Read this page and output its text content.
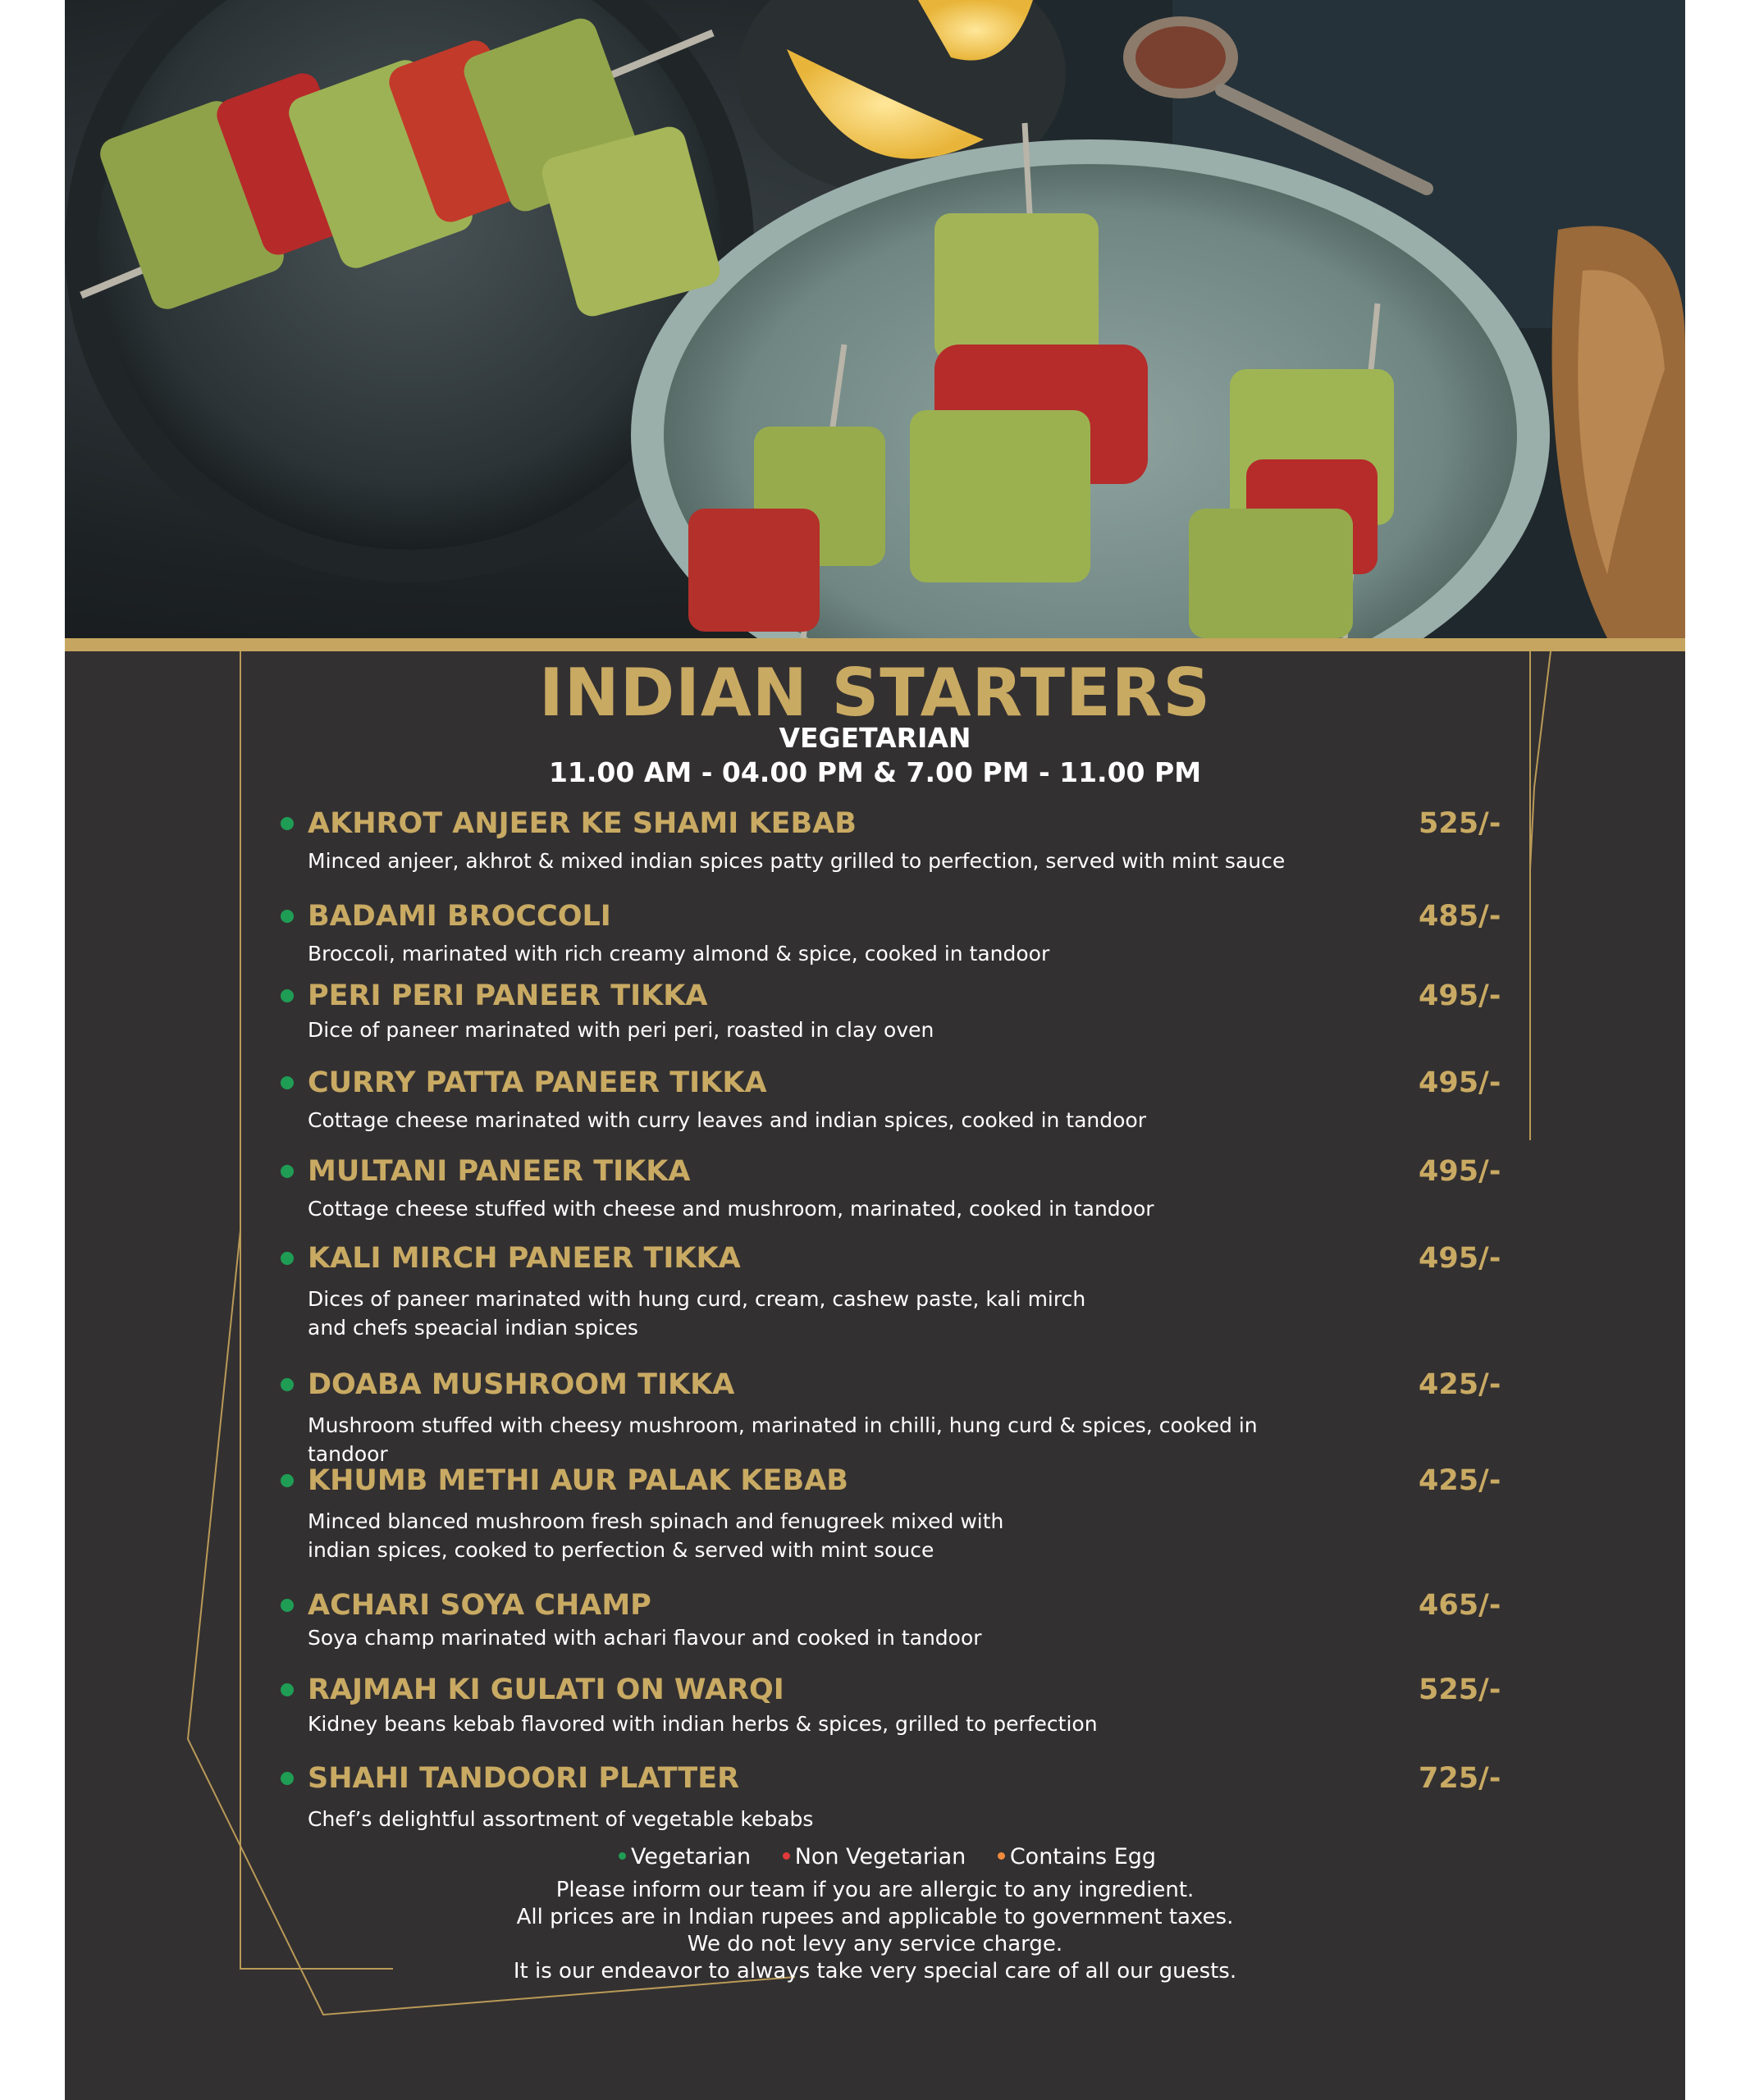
INDIAN STARTERS
VEGETARIAN
11.00 AM - 04.00 PM & 7.00 PM - 11.00 PM
AKHROT ANJEER KE SHAMI KEBAB	525/-
Minced anjeer, akhrot & mixed indian spices patty grilled to perfection, served with mint sauce
BADAMI BROCCOLI	485/-
Broccoli, marinated with rich creamy almond & spice, cooked in tandoor
PERI PERI PANEER TIKKA	495/-
Dice of paneer marinated with peri peri, roasted in clay oven
CURRY PATTA PANEER TIKKA	495/-
Cottage cheese marinated with curry leaves and indian spices, cooked in tandoor
MULTANI PANEER TIKKA	495/-
Cottage cheese stuffed with cheese and mushroom, marinated, cooked in tandoor
KALI MIRCH PANEER TIKKA	495/-
Dices of paneer marinated with hung curd, cream, cashew paste, kali mirch
and chefs speacial indian spices
DOABA MUSHROOM TIKKA	425/-
Mushroom stuffed with cheesy mushroom, marinated in chilli, hung curd & spices, cooked in tandoor
KHUMB METHI AUR PALAK KEBAB	425/-
Minced blanced mushroom fresh spinach and fenugreek mixed with
indian spices, cooked to perfection & served with mint souce
ACHARI SOYA CHAMP	465/-
Soya champ marinated with achari flavour and cooked in tandoor
RAJMAH KI GULATI ON WARQI	525/-
Kidney beans kebab flavored with indian herbs & spices, grilled to perfection
SHAHI TANDOORI PLATTER	725/-
Chef’s delightful assortment of vegetable kebabs
Vegetarian Non Vegetarian Contains Egg
Please inform our team if you are allergic to any ingredient.
All prices are in Indian rupees and applicable to government taxes.
We do not levy any service charge.
It is our endeavor to always take very special care of all our guests.
